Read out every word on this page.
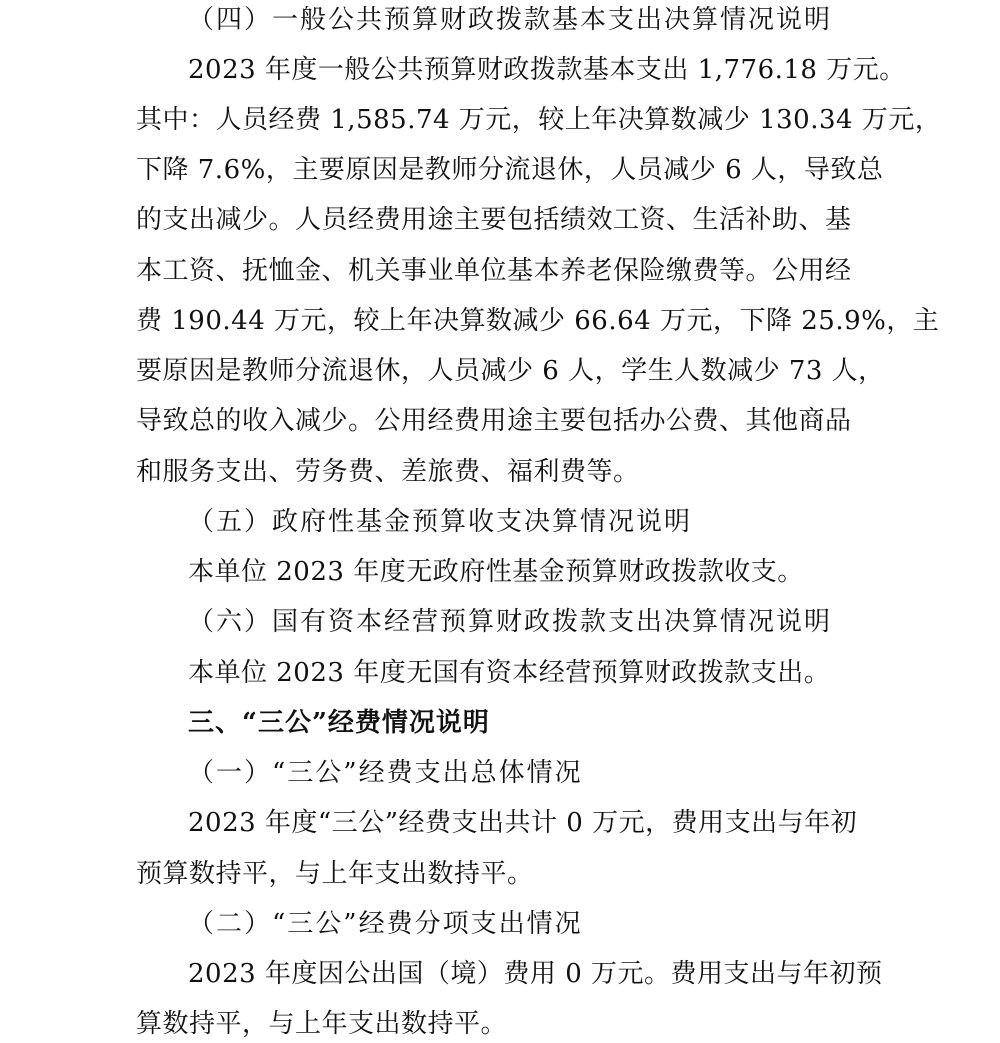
（四）一般公共预算财政拨款基本支出决算情况说明
2023 年度一般公共预算财政拨款基本支出 1,776.18 万元。
其中：人员经费 1,585.74 万元，较上年决算数减少 130.34 万元，
下降 7.6%，主要原因是教师分流退休，人员减少 6 人，导致总
的支出减少。人员经费用途主要包括绩效工资、生活补助、基
本工资、抚恤金、机关事业单位基本养老保险缴费等。公用经
费 190.44 万元，较上年决算数减少 66.64 万元，下降 25.9%，主
要原因是教师分流退休，人员减少 6 人，学生人数减少 73 人，
导致总的收入减少。公用经费用途主要包括办公费、其他商品
和服务支出、劳务费、差旅费、福利费等。
（五）政府性基金预算收支决算情况说明
本单位 2023 年度无政府性基金预算财政拨款收支。
（六）国有资本经营预算财政拨款支出决算情况说明
本单位 2023 年度无国有资本经营预算财政拨款支出。
三、“三公”经费情况说明
（一）“三公”经费支出总体情况
2023 年度“三公”经费支出共计 0 万元，费用支出与年初
预算数持平，与上年支出数持平。
（二）“三公”经费分项支出情况
2023 年度因公出国（境）费用 0 万元。费用支出与年初预
算数持平，与上年支出数持平。
